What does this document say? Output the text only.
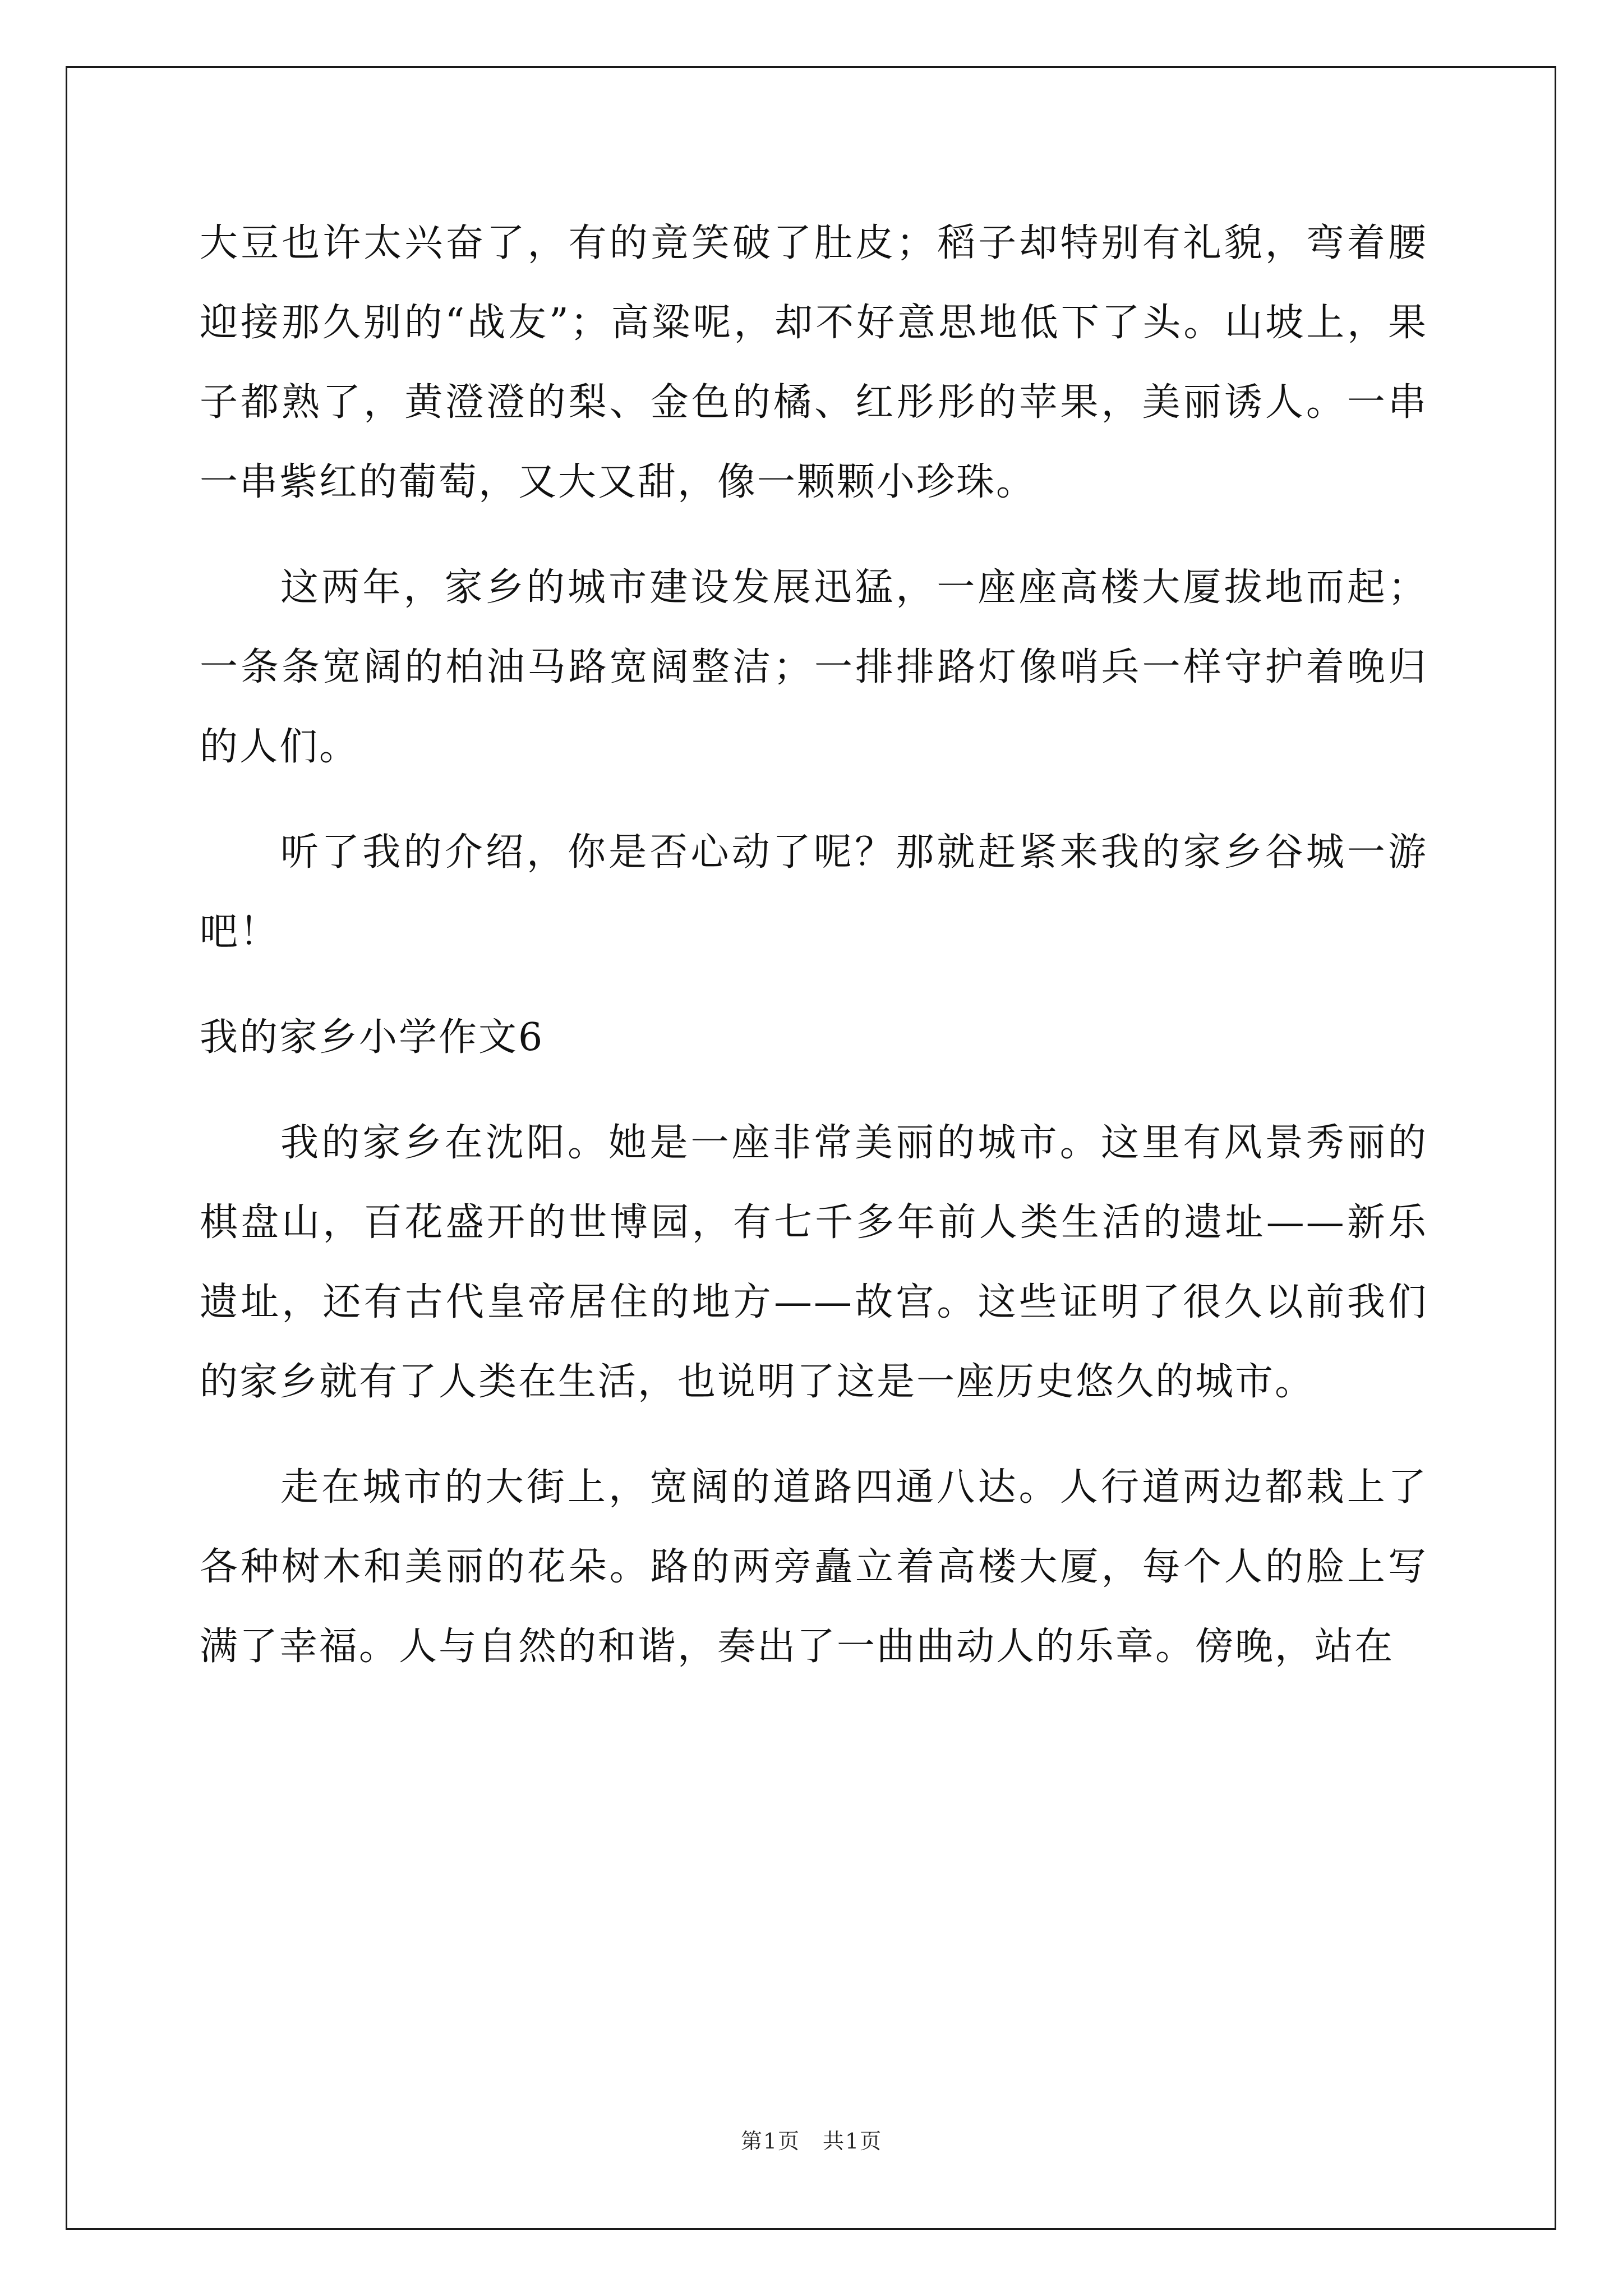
大豆也许太兴奋了，有的竟笑破了肚皮；稻子却特别有礼貌，弯着腰迎接那久别的“战友”；高粱呢，却不好意思地低下了头。山坡上，果子都熟了，黄澄澄的梨、金色的橘、红彤彤的苹果，美丽诱人。一串一串紫红的葡萄，又大又甜，像一颗颗小珍珠。

这两年，家乡的城市建设发展迅猛，一座座高楼大厦拔地而起；一条条宽阔的柏油马路宽阔整洁；一排排路灯像哨兵一样守护着晚归的人们。

听了我的介绍，你是否心动了呢？那就赶紧来我的家乡谷城一游吧！

我的家乡小学作文6

我的家乡在沈阳。她是一座非常美丽的城市。这里有风景秀丽的棋盘山，百花盛开的世博园，有七千多年前人类生活的遗址——新乐遗址，还有古代皇帝居住的地方——故宫。这些证明了很久以前我们的家乡就有了人类在生活，也说明了这是一座历史悠久的城市。

走在城市的大街上，宽阔的道路四通八达。人行道两边都栽上了各种树木和美丽的花朵。路的两旁矗立着高楼大厦，每个人的脸上写满了幸福。人与自然的和谐，奏出了一曲曲动人的乐章。傍晚，站在

第1页　共1页
